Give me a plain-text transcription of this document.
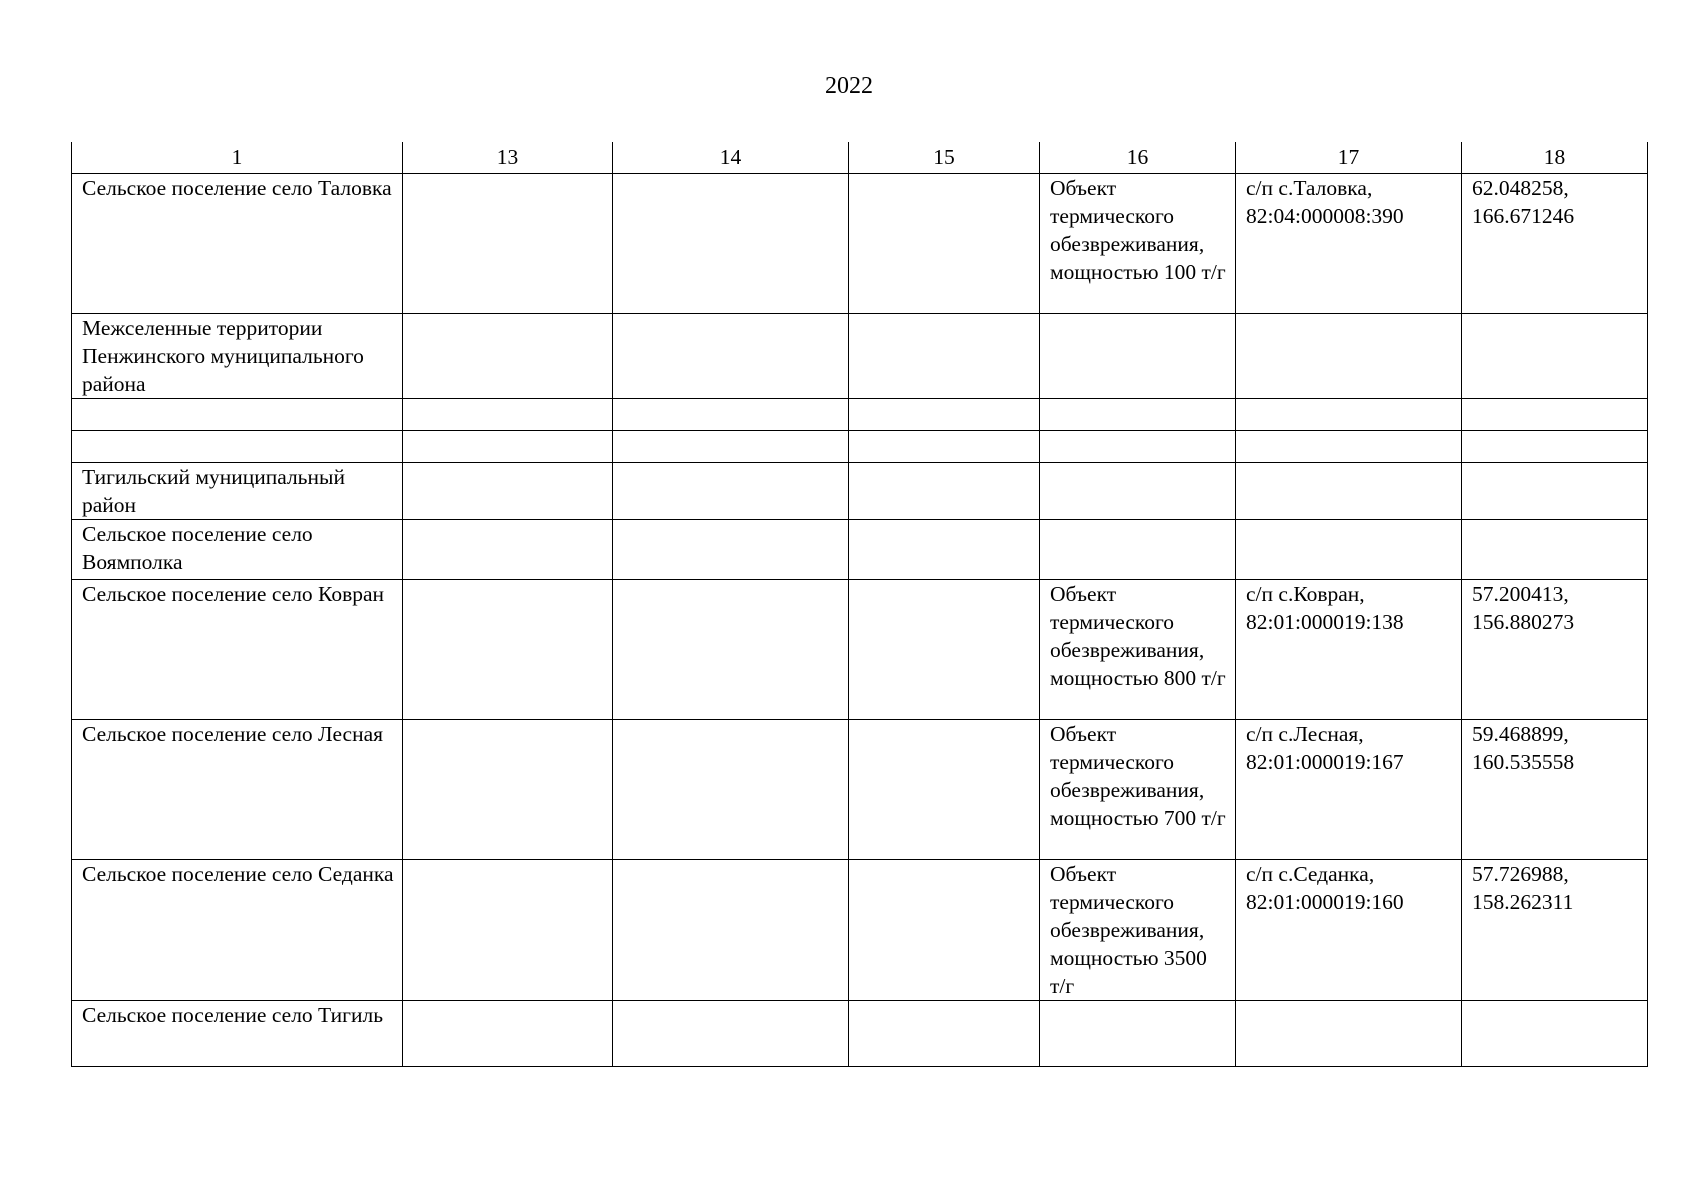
2022
1	13	14	15	16	17	18

Сельское поселение село Таловка				Объект термического обезвреживания, мощностью 100 т/г	с/п с.Таловка, 82:04:000008:390	62.048258, 166.671246

Межселенные территории Пенжинского муниципального района						

Тигильский муниципальный район						

Сельское поселение село Воямполка						

Сельское поселение село Ковран				Объект термического обезвреживания, мощностью 800 т/г	с/п с.Ковран, 82:01:000019:138	57.200413, 156.880273

Сельское поселение село Лесная				Объект термического обезвреживания, мощностью 700 т/г	с/п с.Лесная, 82:01:000019:167	59.468899, 160.535558

Сельское поселение село Седанка				Объект термического обезвреживания, мощностью 3500 т/г	с/п с.Седанка, 82:01:000019:160	57.726988, 158.262311

Сельское поселение село Тигиль						
